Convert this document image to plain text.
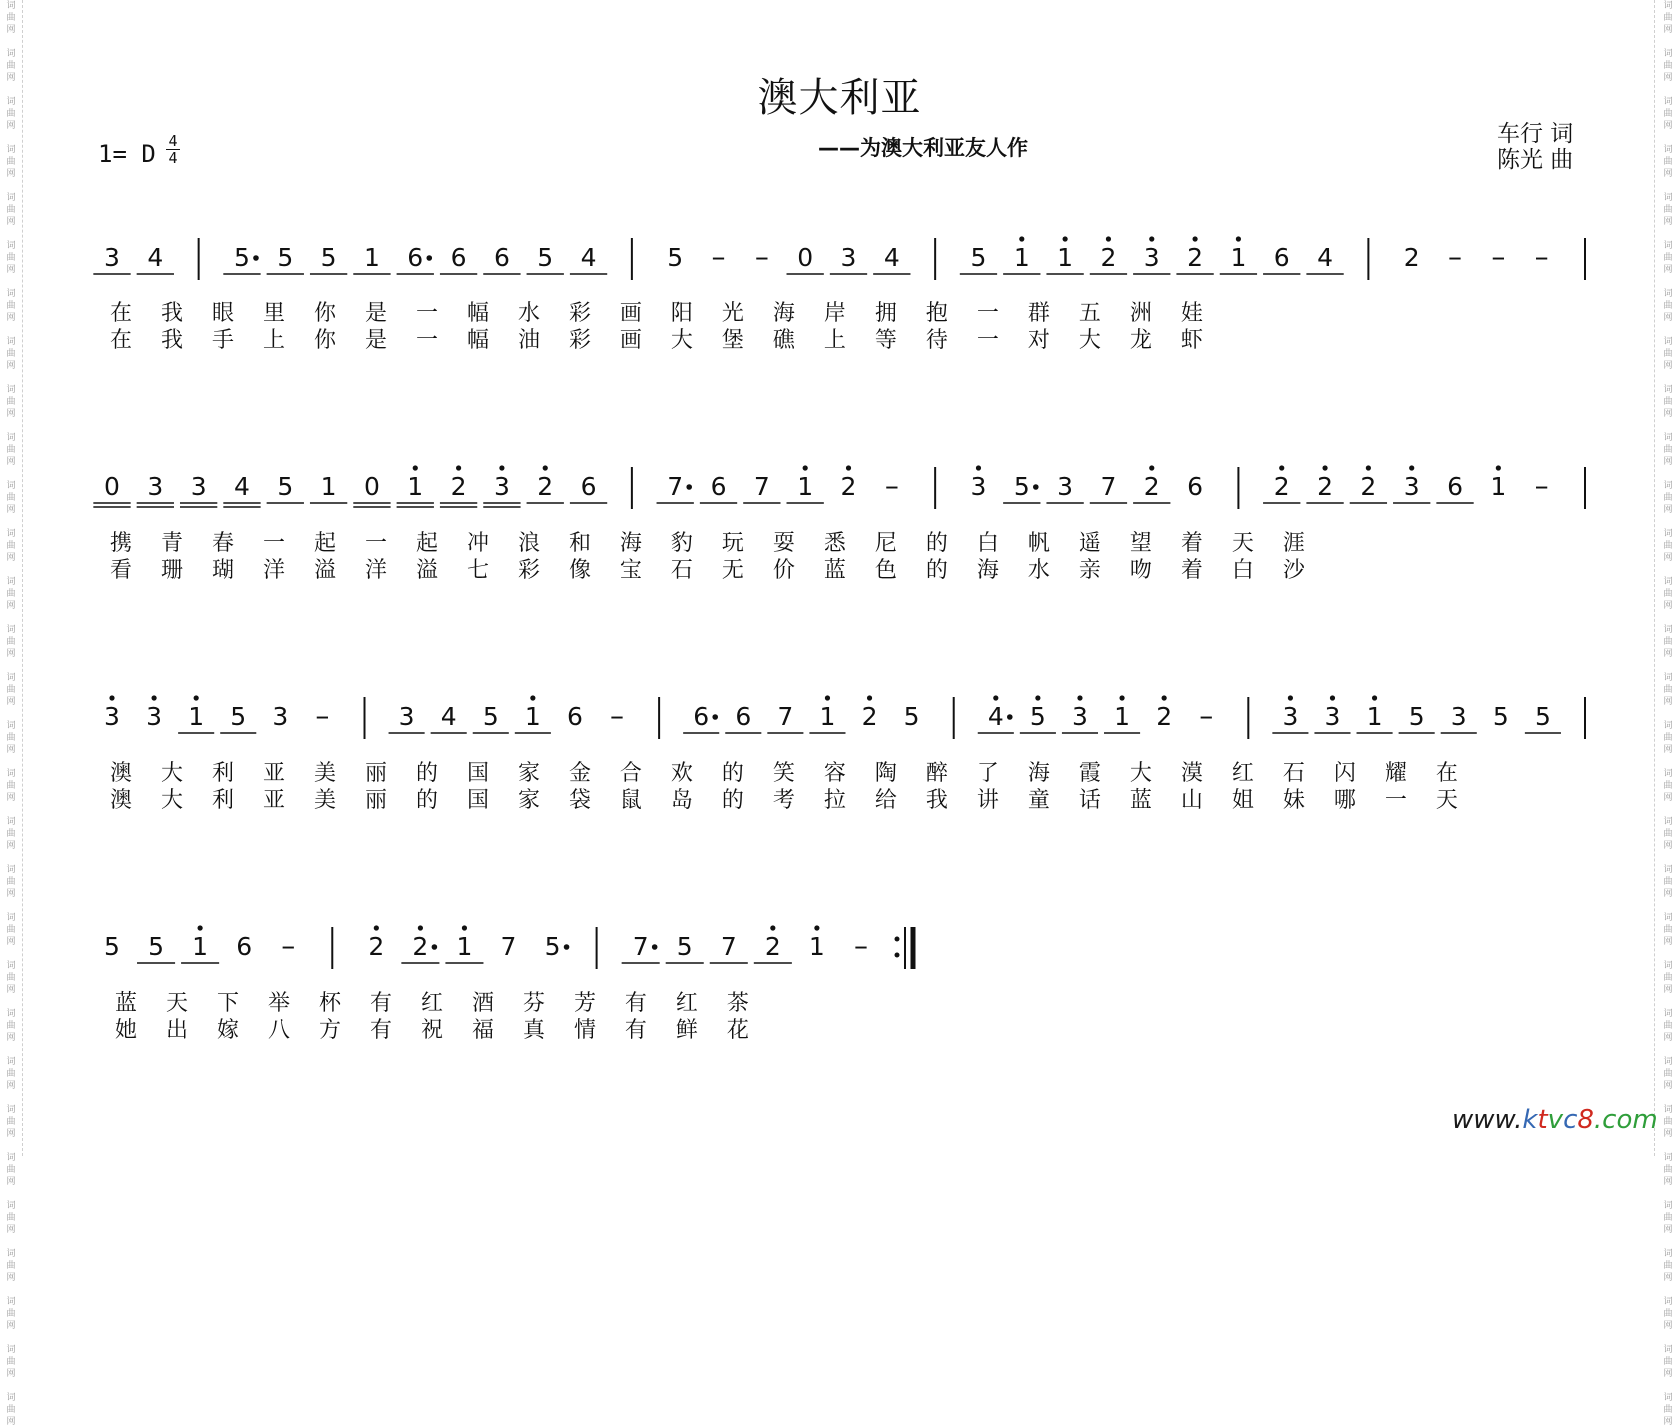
词
曲
网

词
曲
网

词
曲
网

词
曲
网

词
曲
网

词
曲
网

词
曲
网

词
曲
网

词
曲
网

词
曲
网

词
曲
网

词
曲
网

词
曲
网

词
曲
网

词
曲
网

词
曲
网

词
曲
网

词
曲
网

词
曲
网

词
曲
网

词
曲
网

词
曲
网

词
曲
网

词
曲
网

词
曲
网

词
曲
网

词
曲
网

词
曲
网

词
曲
网

词
曲
网

词
曲
网

词
曲
网

词
曲
网

词
曲
网

词
曲
网

词
曲
网

词
曲
网

词
曲
网

词
曲
网

词
曲
网

词
曲
网

词
曲
网

词
曲
网

词
曲
网

词
曲
网

词
曲
网

词
曲
网

词
曲
网

词
曲
网

词
曲
网

词
曲
网

词
曲
网

词
曲
网

词
曲
网

词
曲
网

词
曲
网

词
曲
网

词
曲
网

词
曲
网

词
曲
网

澳大利亚
——为澳大利亚友人作
车行 词
陈光 曲
1= D 4
4
3 4	5 5 5 1 6 6 6 5 4	5 – – 0 3 4	5 1 1 2 3 2 1 6 4	2 – – –
0 3 3 4 5 1 0 1 2 3 2 6	7 6 7 1 2 –	3 5 3 7 2 6	2 2 2 3 6 1 –
3 3 1 5 3 –	3 4 5 1 6 –	6 6 7 1 2 5	4 5 3 1 2 –	3 3 1 5 3 5 5
5 5 1 6 –	2 2 1 7 5	7 5 7 2 1 –
在 我 眼 里 你 是 一 幅 水 彩 画 阳 光 海 岸 拥 抱 一 群 五 洲 娃
在 我 手 上 你 是 一 幅 油 彩 画 大 堡 礁 上 等 待 一 对 大 龙 虾
携 青 春 一 起 一 起 冲 浪 和 海 豹 玩 耍 悉 尼 的 白 帆 遥 望 着 天 涯
看 珊 瑚 洋 溢 洋 溢 七 彩 像 宝 石 无 价 蓝 色 的 海 水 亲 吻 着 白 沙
澳 大 利 亚 美 丽 的 国 家 金 合 欢 的 笑 容 陶 醉 了 海 霞 大 漠 红 石 闪 耀 在
澳 大 利 亚 美 丽 的 国 家 袋 鼠 岛 的 考 拉 给 我 讲 童 话 蓝 山 姐 妹 哪 一 天
蓝 天 下 举 杯 有 红 酒 芬 芳 有 红 茶
她 出 嫁 八 方 有 祝 福 真 情 有 鲜 花
www.ktvc8.com
